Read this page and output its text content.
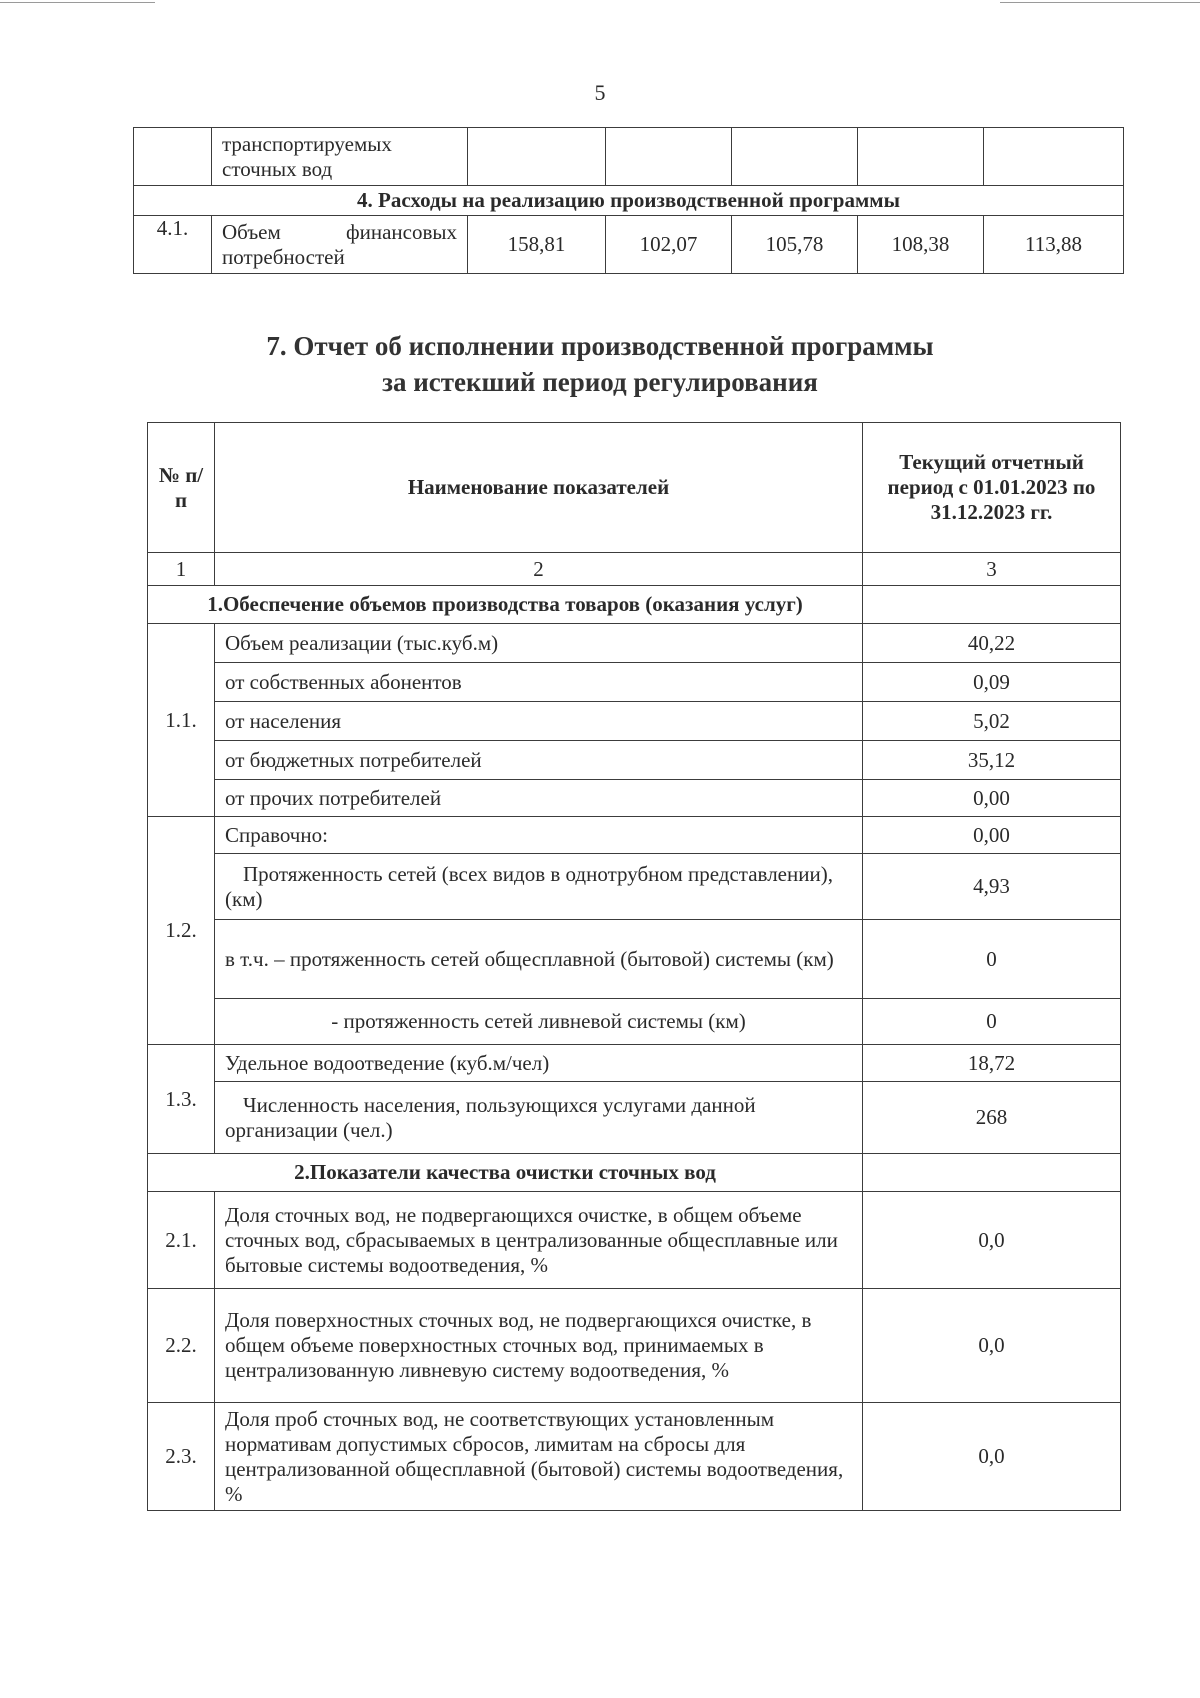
5

	транспортируемых
сточных вод					

4. Расходы на реализацию производственной программы						
4.1.	Объем финансовых
потребностей	158,81	102,07	105,78	108,38	113,88
7. Отчет об исполнении производственной программы
за истекший период регулирования
№ п/п	Наименование показателей	Текущий отчетный период с 01.01.2023 по 31.12.2023 гг.
1	2	3
1.Обеспечение объемов производства товаров (оказания услуг)		
1.1.	Объем реализации (тыс.куб.м)	40,22
	от собственных абонентов	0,09
	от населения	5,02
	от бюджетных потребителей	35,12
	от прочих потребителей	0,00
1.2.	Справочно:	0,00
	Протяженность сетей (всех видов в однотрубном представлении), (км)	4,93
	в т.ч. – протяженность сетей общесплавной (бытовой) системы (км)	0
	- протяженность сетей ливневой системы (км)	0
1.3.	Удельное водоотведение (куб.м/чел)	18,72
	Численность населения, пользующихся услугами данной организации (чел.)	268
2.Показатели качества очистки сточных вод		
2.1.	Доля сточных вод, не подвергающихся очистке, в общем объеме сточных вод, сбрасываемых в централизованные общесплавные или бытовые системы водоотведения, %	0,0
2.2.	Доля поверхностных сточных вод, не подвергающихся очистке, в общем объеме поверхностных сточных вод, принимаемых в централизованную ливневую систему водоотведения, %	0,0
2.3.	Доля проб сточных вод, не соответствующих установленным нормативам допустимых сбросов, лимитам на сбросы для централизованной общесплавной (бытовой) системы водоотведения, %	0,0
